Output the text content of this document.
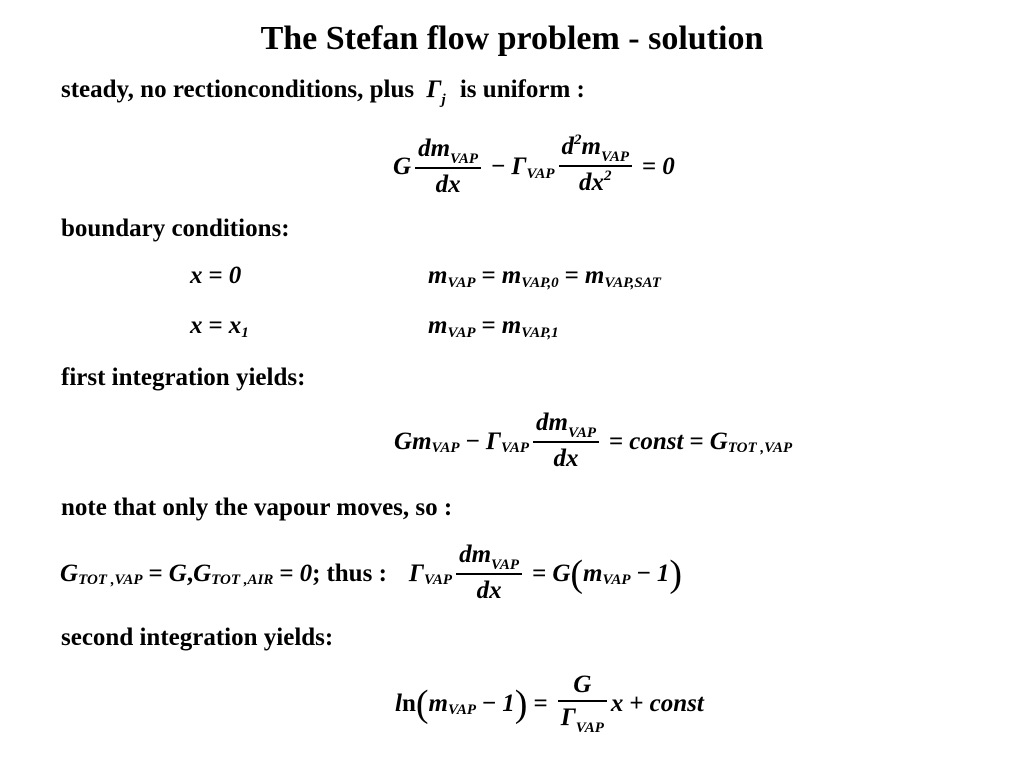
The Stefan flow problem - solution
steady, no rectionconditions, plus $\Gamma_j$ is uniform :
G $\frac{dm_{VAP}}{dx} - \Gamma$ VAP $\frac{d^2m_{VAP}}{dx^2} = 0$
boundary conditions:
x = 0	m VAP = m VAP,0 = m VAP,SAT
x = x 1	m VAP = m VAP,1
first integration yields:
G m VAP − Γ VAP $\frac{dm_{VAP}}{dx}$ = const = G TOT ,VAP
note that only the vapour moves, so :
G TOT ,VAP = G , G TOT ,AIR = 0 ; thus : Γ VAP $\frac{dm_{VAP}}{dx} = G$ ( m VAP − 1 )
second integration yields:
l n ( m VAP − 1 ) = $\frac{G}{\Gamma_{VAP}}$ x + const
